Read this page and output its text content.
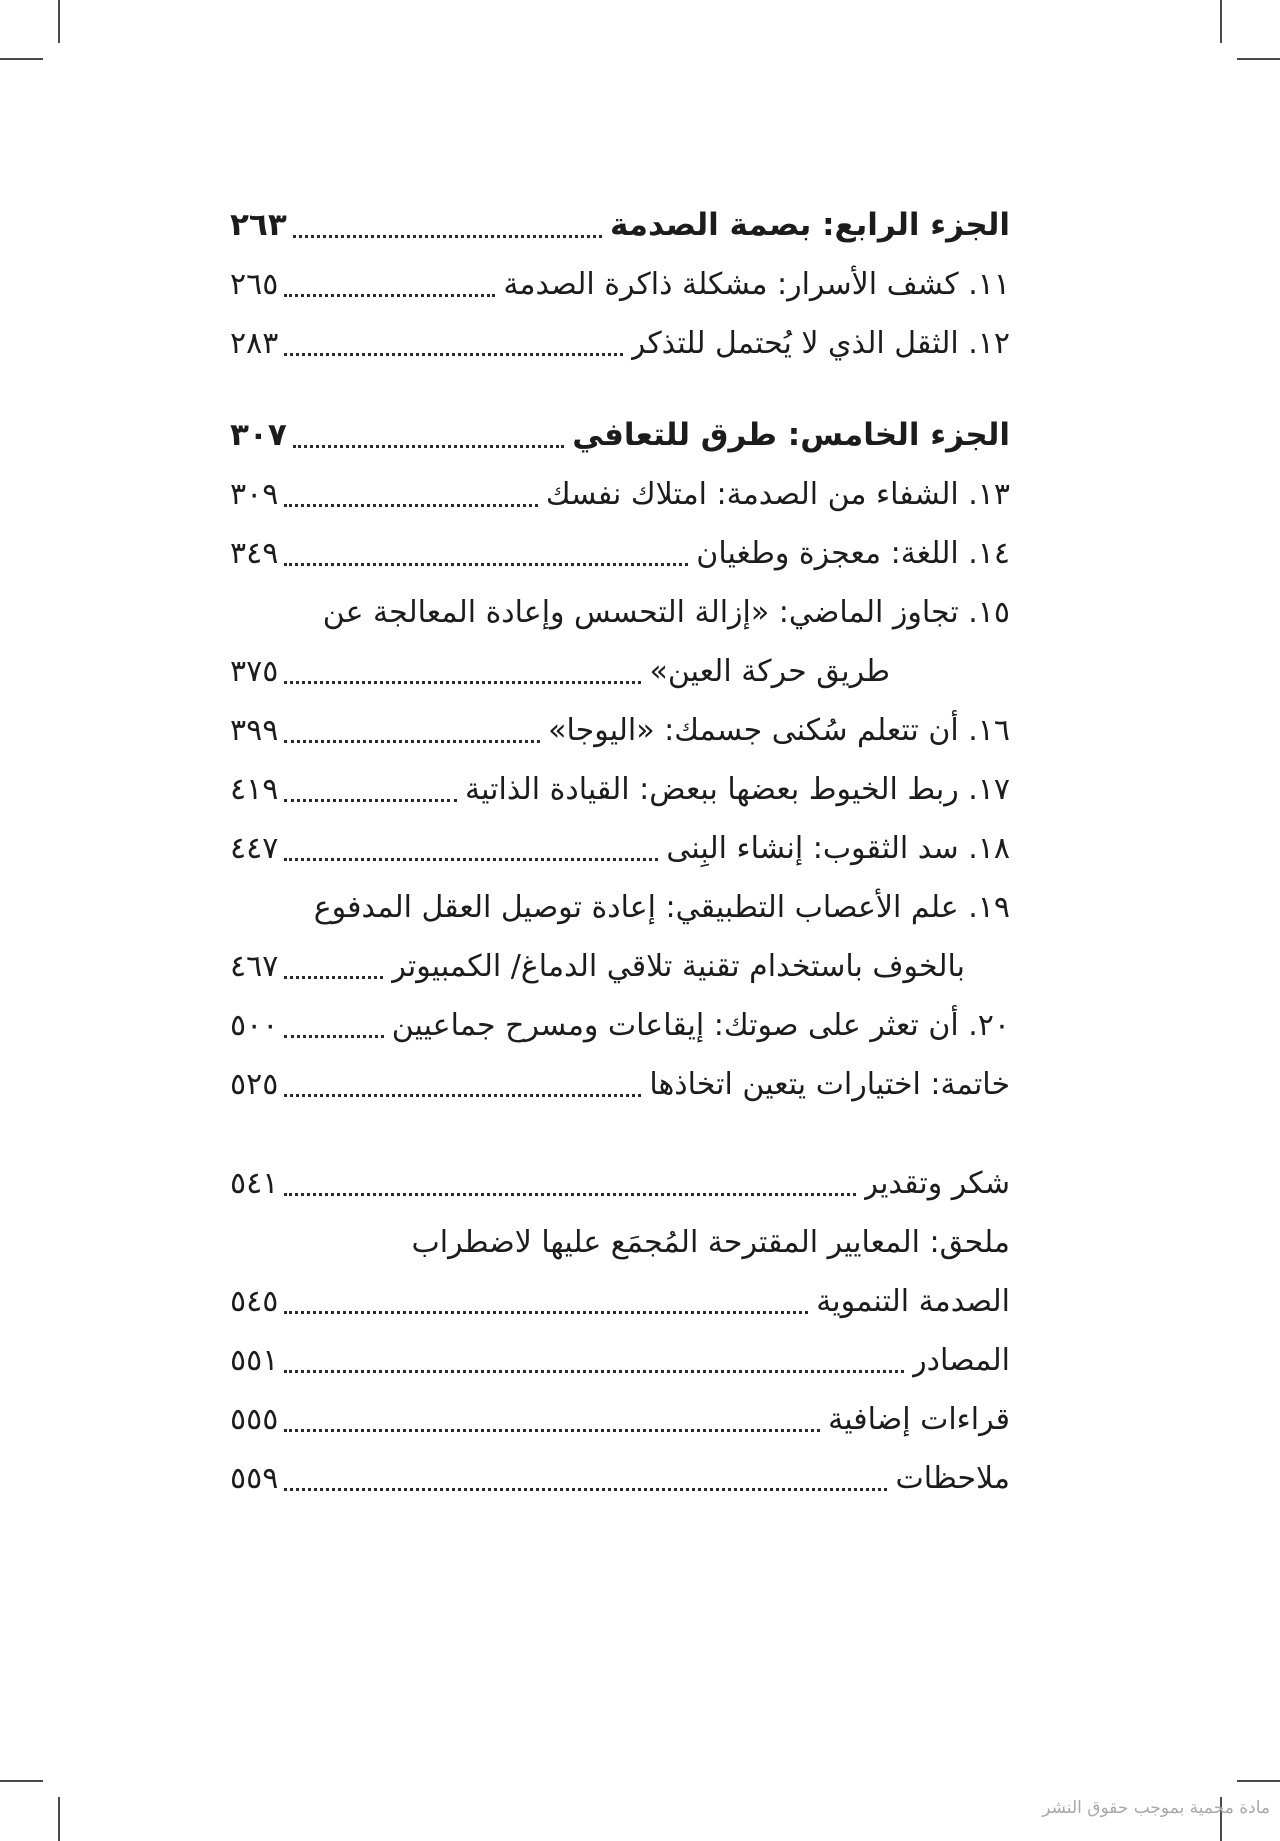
الجزء الرابع: بصمة الصدمة
٢٦٣
١١. كشف الأسرار: مشكلة ذاكرة الصدمة
٢٦٥
١٢. الثقل الذي لا يُحتمل للتذكر
٢٨٣
الجزء الخامس: طرق للتعافي
٣٠٧
١٣. الشفاء من الصدمة: امتلاك نفسك
٣٠٩
١٤. اللغة: معجزة وطغيان
٣٤٩
١٥. تجاوز الماضي: «إزالة التحسس وإعادة المعالجة عن
طريق حركة العين»
٣٧٥
١٦. أن تتعلم سُكنى جسمك: «اليوجا»
٣٩٩
١٧. ربط الخيوط بعضها ببعض: القيادة الذاتية
٤١٩
١٨. سد الثقوب: إنشاء البِنى
٤٤٧
١٩. علم الأعصاب التطبيقي: إعادة توصيل العقل المدفوع
بالخوف باستخدام تقنية تلاقي الدماغ/ الكمبيوتر
٤٦٧
٢٠. أن تعثر على صوتك: إيقاعات ومسرح جماعيين
٥٠٠
خاتمة: اختيارات يتعين اتخاذها
٥٢٥
شكر وتقدير
٥٤١
ملحق: المعايير المقترحة المُجمَع عليها لاضطراب
الصدمة التنموية
٥٤٥
المصادر
٥٥١
قراءات إضافية
٥٥٥
ملاحظات
٥٥٩
مادة محمية بموجب حقوق النشر
